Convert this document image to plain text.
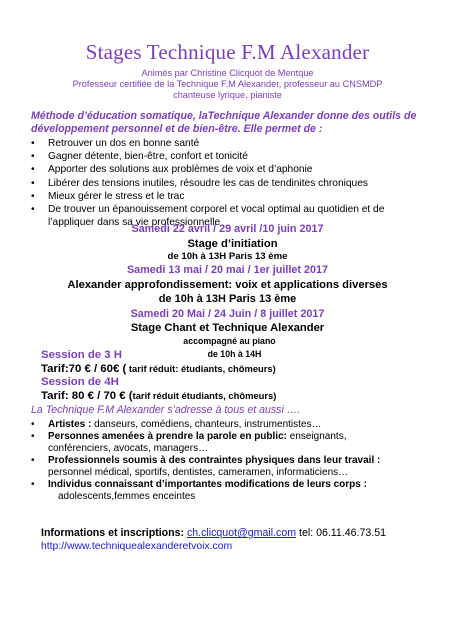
Stages Technique F.M Alexander
Animés par Christine Clicquot de Mentque
Professeur certifiée de la Technique F.M Alexander, professeur au CNSMDP
chanteuse lyrique, pianiste
Méthode d’éducation somatique, laTechnique Alexander donne des outils de développement personnel et de bien-être. Elle permet de :
• Retrouver un dos en bonne santé
• Gagner détente, bien-être, confort et tonicité
• Apporter des solutions aux problèmes de voix et d’aphonie
• Libérer des tensions inutiles, résoudre les cas de tendinites chroniques
• Mieux gérer le stress et le trac
• De trouver un épanouissement corporel et vocal optimal au quotidien et de l’appliquer dans sa vie professionnelle
Samedi 22 avril / 29 avril /10 juin 2017
Stage d’initiation
de 10h à 13H Paris 13 ème
Samedi 13 mai / 20 mai / 1er juillet 2017
Alexander approfondissement: voix et applications diverses
de 10h à 13H Paris 13 ème
Samedi 20 Mai / 24 Juin / 8 juillet 2017
Stage Chant et Technique Alexander
accompagné au piano
de 10h à 14H
Session de 3 H
Tarif:70 € / 60€ ( tarif réduit: étudiants, chômeurs)
Session de 4H
Tarif: 80 € / 70 € (tarif réduit étudiants, chômeurs)
La Technique F.M Alexander s’adresse à tous et aussi ….
• Artistes : danseurs, comédiens, chanteurs, instrumentistes…
• Personnes amenées à prendre la parole en public: enseignants,
conférenciers, avocats, managers…
• Professionnels soumis à des contraintes physiques dans leur travail :
personnel médical, sportifs, dentistes, cameramen, informaticiens…
• Individus connaissant d’importantes modifications de leurs corps :
adolescents,femmes enceintes
Informations et inscriptions: ch.clicquot@gmail.com tel: 06.11.46.73.51
http://www.techniquealexanderetvoix.com
